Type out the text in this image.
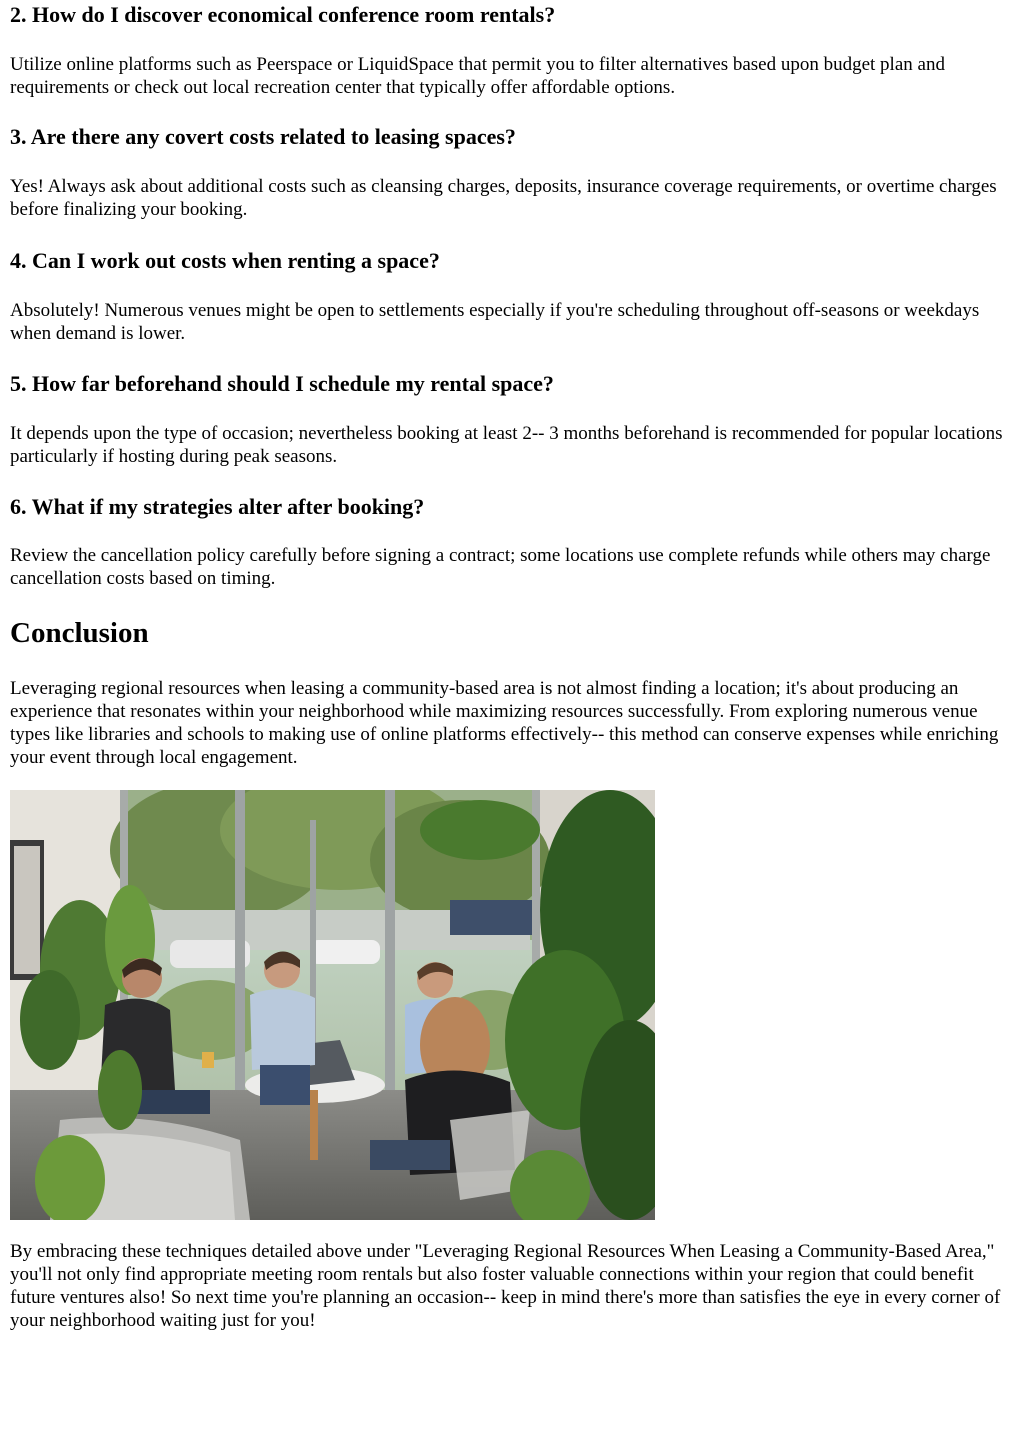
2. How do I discover economical conference room rentals?

Utilize online platforms such as Peerspace or LiquidSpace that permit you to filter alternatives based upon budget plan and requirements or check out local recreation center that typically offer affordable options.

3. Are there any covert costs related to leasing spaces?

Yes! Always ask about additional costs such as cleansing charges, deposits, insurance coverage requirements, or overtime charges before finalizing your booking.

4. Can I work out costs when renting a space?

Absolutely! Numerous venues might be open to settlements especially if you're scheduling throughout off-seasons or weekdays when demand is lower.

5. How far beforehand should I schedule my rental space?

It depends upon the type of occasion; nevertheless booking at least 2-- 3 months beforehand is recommended for popular locations particularly if hosting during peak seasons.

6. What if my strategies alter after booking?

Review the cancellation policy carefully before signing a contract; some locations use complete refunds while others may charge cancellation costs based on timing.

Conclusion

Leveraging regional resources when leasing a community-based area is not almost finding a location; it's about producing an experience that resonates within your neighborhood while maximizing resources successfully. From exploring numerous venue types like libraries and schools to making use of online platforms effectively-- this method can conserve expenses while enriching your event through local engagement.

By embracing these techniques detailed above under "Leveraging Regional Resources When Leasing a Community-Based Area," you'll not only find appropriate meeting room rentals but also foster valuable connections within your region that could benefit future ventures also! So next time you're planning an occasion-- keep in mind there's more than satisfies the eye in every corner of your neighborhood waiting just for you!
